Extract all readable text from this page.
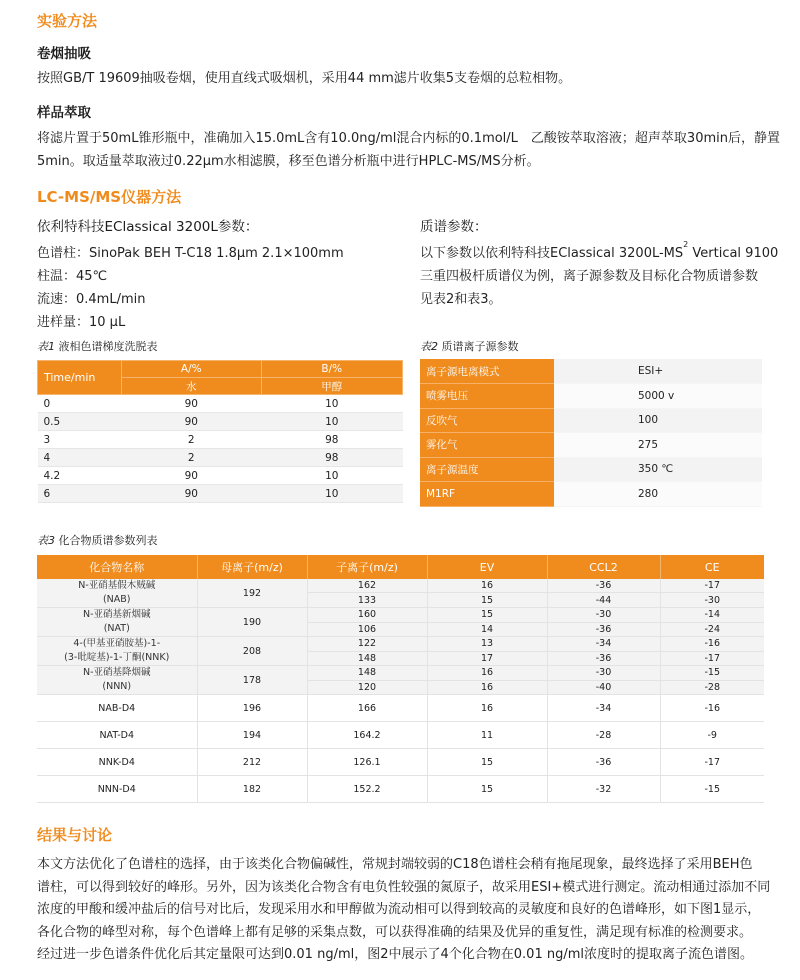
实验方法
卷烟抽吸
按照GB/T 19609抽吸卷烟，使用直线式吸烟机，采用44 mm滤片收集5支卷烟的总粒相物。
样品萃取
将滤片置于50mL锥形瓶中，准确加入15.0mL含有10.0ng/ml混合内标的0.1mol/L　乙酸铵萃取溶液；超声萃取30min后，静置
5min。取适量萃取液过0.22μm水相滤膜，移至色谱分析瓶中进行HPLC-MS/MS分析。
LC-MS/MS仪器方法
依利特科技EClassical 3200L参数：
色谱柱：SinoPak BEH T-C18 1.8μm 2.1×100mm
柱温：45℃
流速：0.4mL/min
进样量：10 μL
质谱参数：
以下参数以依利特科技EClassical $3200L-MS^2$ Vertical 9100
三重四极杆质谱仪为例，离子源参数及目标化合物质谱参数
见表2和表3。
表1 液相色谱梯度洗脱表
Time/min	A/%	B/%
	水	甲醇
0	90	10
0.5	90	10
3	2	98
4	2	98
4.2	90	10
6	90	10
表2 质谱离子源参数
离子源电离模式	ESI+
喷雾电压	5000 v
反吹气	100
雾化气	275
离子源温度	350 ℃
M1RF	280
表3 化合物质谱参数列表
化合物名称	母离子(m/z)	子离子(m/z)	EV	CCL2	CE

N-亚硝基假木贼碱
(NAB)	192	162	16	-36	-17
		133	15	-44	-30

N-亚硝基新烟碱
(NAT)	190	160	15	-30	-14
		106	14	-36	-24

4-(甲基亚硝胺基)-1-
(3-吡啶基)-1-丁酮(NNK)	208	122	13	-34	-16
		148	17	-36	-17

N-亚硝基降烟碱
(NNN)	178	148	16	-30	-15
		120	16	-40	-28
NAB-D4	196	166	16	-34	-16
NAT-D4	194	164.2	11	-28	-9
NNK-D4	212	126.1	15	-36	-17
NNN-D4	182	152.2	15	-32	-15
结果与讨论
本文方法优化了色谱柱的选择，由于该类化合物偏碱性，常规封端较弱的C18色谱柱会稍有拖尾现象，最终选择了采用BEH色
谱柱，可以得到较好的峰形。另外，因为该类化合物含有电负性较强的氮原子，故采用ESI+模式进行测定。流动相通过添加不同
浓度的甲酸和缓冲盐后的信号对比后，发现采用水和甲醇做为流动相可以得到较高的灵敏度和良好的色谱峰形，如下图1显示，
各化合物的峰型对称，每个色谱峰上都有足够的采集点数，可以获得准确的结果及优异的重复性，满足现有标准的检测要求。
经过进一步色谱条件优化后其定量限可达到0.01 ng/ml，图2中展示了4个化合物在0.01 ng/ml浓度时的提取离子流色谱图。
